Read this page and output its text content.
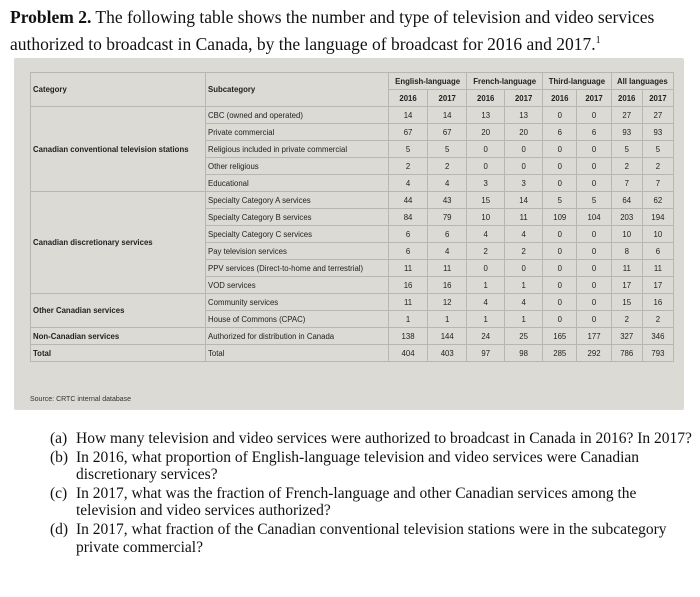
Problem 2. The following table shows the number and type of television and video services authorized to broadcast in Canada, by the language of broadcast for 2016 and 2017.$^1$
Category	Subcategory	English-language		French-language		Third-language		All languages	
		2016	2017	2016	2017	2016	2017	2016	2017
Canadian conventional television stations	CBC (owned and operated)	14	14	13	13	0	0	27	27
	Private commercial	67	67	20	20	6	6	93	93
	Religious included in private commercial	5	5	0	0	0	0	5	5
	Other religious	2	2	0	0	0	0	2	2
	Educational	4	4	3	3	0	0	7	7
Canadian discretionary services	Specialty Category A services	44	43	15	14	5	5	64	62
	Specialty Category B services	84	79	10	11	109	104	203	194
	Specialty Category C services	6	6	4	4	0	0	10	10
	Pay television services	6	4	2	2	0	0	8	6
	PPV services (Direct-to-home and terrestrial)	11	11	0	0	0	0	11	11
	VOD services	16	16	1	1	0	0	17	17
Other Canadian services	Community services	11	12	4	4	0	0	15	16
	House of Commons (CPAC)	1	1	1	1	0	0	2	2
Non-Canadian services	Authorized for distribution in Canada	138	144	24	25	165	177	327	346
Total	Total	404	403	97	98	285	292	786	793
Source: CRTC internal database
(a) How many television and video services were authorized to broadcast in Canada in 2016? In 2017?
(b) In 2016, what proportion of English-language television and video services were Canadian discretionary services?
(c) In 2017, what was the fraction of French-language and other Canadian services among the television and video services authorized?
(d) In 2017, what fraction of the Canadian conventional television stations were in the subcategory private commercial?
